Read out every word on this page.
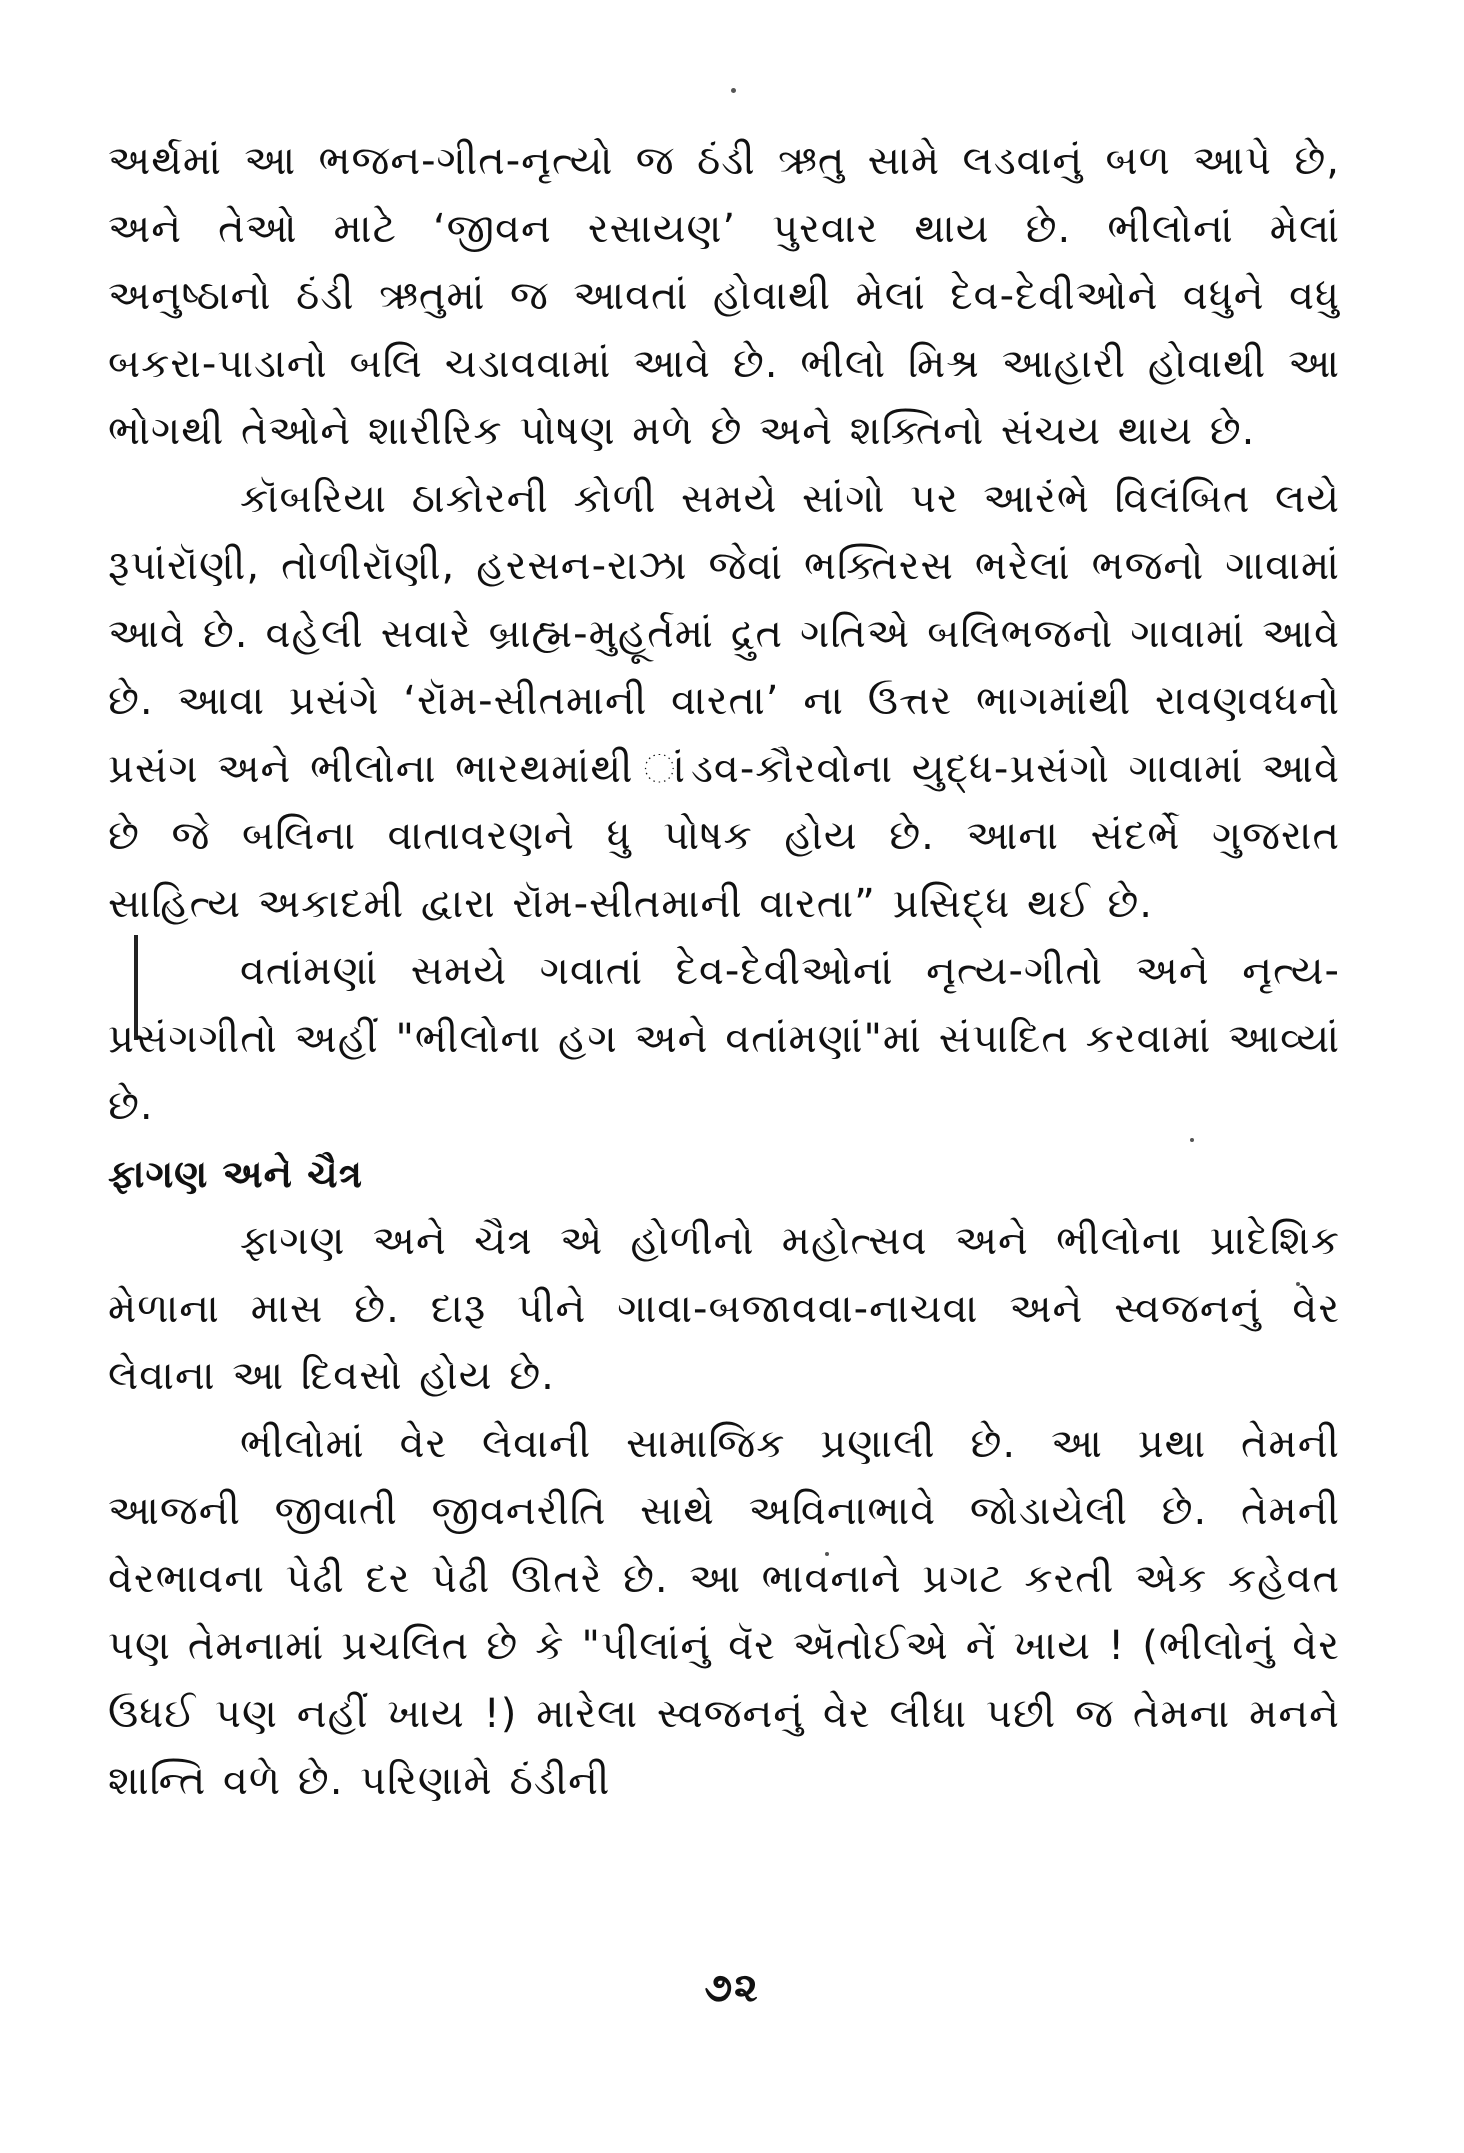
અર્થમાં આ ભજન-ગીત-નૃત્યો જ ઠંડી ઋતુ સામે લડવાનું બળ આપે છે, અને તેઓ માટે ‘જીવન રસાયણ’ પુરવાર થાય છે. ભીલોનાં મેલાં અનુષ્ઠાનો ઠંડી ઋતુમાં જ આવતાં હોવાથી મેલાં દેવ-દેવીઓને વધુને વધુ બકરા-પાડાનો બલિ ચડાવવામાં આવે છે. ભીલો મિશ્ર આહારી હોવાથી આ ભોગથી તેઓને શારીરિક પોષણ મળે છે અને શક્તિનો સંચય થાય છે.

કૉબરિયા ઠાકોરની કોળી સમયે સાંગો પર આરંભે વિલંબિત લયે રૂપાંરૉણી, તોળીરૉણી, હરસન-રાઝા જેવાં ભક્તિરસ ભરેલાં ભજનો ગાવામાં આવે છે. વહેલી સવારે બ્રાહ્મ-મુહૂર્તમાં દ્રુત ગતિએ બલિભજનો ગાવામાં આવે છે. આવા પ્રસંગે ‘રૉમ-સીતમાની વારતા’ ના ઉત્તર ભાગમાંથી રાવણવધનો પ્રસંગ અને ભીલોના ભારથમાંથી ાંડવ-કૌરવોના યુદ્ધ-પ્રસંગો ગાવામાં આવે છે જે બલિના વાતાવરણને ધુ પોષક હોય છે. આના સંદર્ભે ગુજરાત સાહિત્ય અકાદમી દ્વારા રૉમ-સીતમાની વારતા” પ્રસિદ્ધ થઈ છે.

વતાંમણાં સમયે ગવાતાં દેવ-દેવીઓનાં નૃત્ય-ગીતો અને નૃત્ય-પ્રસંગગીતો અહીં "ભીલોના હગ અને વતાંમણાં"માં સંપાદિત કરવામાં આવ્યાં છે.

ફાગણ અને ચૈત્ર

ફાગણ અને ચૈત્ર એ હોળીનો મહોત્સવ અને ભીલોના પ્રાદેશિક મેળાના માસ છે. દારૂ પીને ગાવા-બજાવવા-નાચવા અને સ્વજનનું વેર લેવાના આ દિવસો હોય છે.

ભીલોમાં વેર લેવાની સામાજિક પ્રણાલી છે. આ પ્રથા તેમની આજની જીવાતી જીવનરીતિ સાથે અવિનાભાવે જોડાયેલી છે. તેમની વેરભાવના પેઢી દર પેઢી ઊતરે છે. આ ભાવનાને પ્રગટ કરતી એક કહેવત પણ તેમનામાં પ્રચલિત છે કે "પીલાંનું વૅર ઍતોઈએ નેં ખાય ! (ભીલોનું વેર ઉધઈ પણ નહીં ખાય !) મારેલા સ્વજનનું વેર લીધા પછી જ તેમના મનને શાન્તિ વળે છે. પરિણામે ઠંડીની

૭૨
